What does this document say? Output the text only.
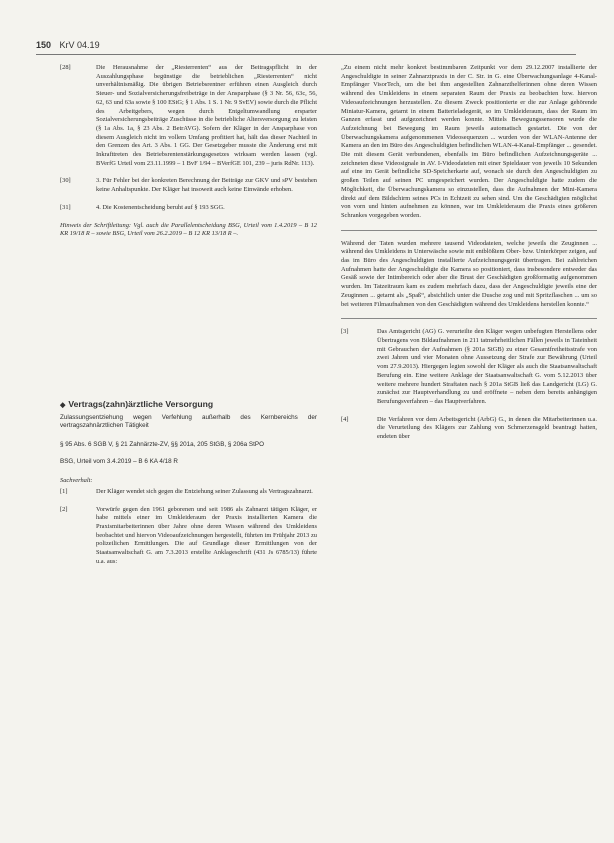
150 KrV 04.19
[28]	Die Herausnahme der „Riesterrenten“ aus der Beitragspflicht in der Auszahlungsphase begünstige die betrieblichen „Riesterrenten“ nicht unverhältnismäßig. Die übrigen Betriebsrentner erführen einen Ausgleich durch Steuer- und Sozialversicherungsfreibeträge in der Ansparphase (§ 3 Nr. 56, 63c, 56, 62, 63 und 63a sowie § 100 EStG; § 1 Abs. 1 S. 1 Nr. 9 SvEV) sowie durch die Pflicht des Arbeitgebers, wegen durch Entgeltumwandlung ersparter Sozialversicherungsbeiträge Zuschüsse in die betriebliche Altersversorgung zu leisten (§ 1a Abs. 1a, § 23 Abs. 2 BetrAVG). Sofern der Kläger in der Ansparphase von diesem Ausgleich nicht im vollem Umfang profitiert hat, hält das dieser Nachteil in den Grenzen des Art. 3 Abs. 1 GG. Der Gesetzgeber musste die Änderung erst mit Inkrafttreten des Betriebsrentenstärkungsgesetzes wirksam werden lassen (vgl. BVerfG Urteil vom 23.11.1999 – 1 BvF 1/94 – BVerfGE 101, 239 – juris RdNr. 113).
[30]	3. Für Fehler bei der konkreten Berechnung der Beiträge zur GKV und sPV bestehen keine Anhaltspunkte. Der Kläger hat insoweit auch keine Einwände erhoben.
[31]	4. Die Kostenentscheidung beruht auf § 193 SGG.
Hinweis der Schriftleitung: Vgl. auch die Parallelentscheidung BSG, Urteil vom 1.4.2019 – B 12 KR 19/18 R – sowie BSG, Urteil vom 26.2.2019 – B 12 KR 13/18 R –.
◆ Vertrags(zahn)ärztliche Versorgung
Zulassungsentziehung wegen Verfehlung außerhalb des Kernbereichs der vertragszahnärztlichen Tätigkeit
§ 95 Abs. 6 SGB V, § 21 Zahnärzte-ZV, §§ 201a, 205 StGB, § 206a StPO
BSG, Urteil vom 3.4.2019 – B 6 KA 4/18 R
Sachverhalt:
[1]	Der Kläger wendet sich gegen die Entziehung seiner Zulassung als Vertragszahnarzt.
[2]	Vorwürfe gegen den 1961 geborenen und seit 1986 als Zahnarzt tätigen Kläger, er habe mittels einer im Umkleideraum der Praxis installierten Kamera die Praxismitarbeiterinnen über Jahre ohne deren Wissen während des Umkleidens beobachtet und hiervon Videoaufzeichnungen hergestellt, führten im Frühjahr 2013 zu polizeilichen Ermittlungen. Die auf Grundlage dieser Ermittlungen von der Staatsanwaltschaft G. am 7.3.2013 erstellte Anklageschrift (431 Js 6785/13) führte u.a. aus:
„Zu einem nicht mehr konkret bestimmbaren Zeitpunkt vor dem 29.12.2007 installierte der Angeschuldigte in seiner Zahnarztpraxis in der C. Str. in G. eine Überwachungsanlage 4-Kanal-Empfänger VisorTech, um die bei ihm angestellten Zahnarzthelferinnen ohne deren Wissen während des Umkleidens in einem separaten Raum der Praxis zu beobachten bzw. hiervon Videoaufzeichnungen herzustellen. Zu diesem Zweck positionierte er die zur Anlage gehörende Miniatur-Kamera, getarnt in einem Batterieladegerät, so im Umkleideraum, dass der Raum im Ganzen erfasst und aufgezeichnet werden konnte. Mittels Bewegungssensoren wurde die Aufzeichnung bei Bewegung im Raum jeweils automatisch gestartet. Die von der Überwachungskamera aufgenommenen Videosequenzen ... wurden von der WLAN-Antenne der Kamera an den im Büro des Angeschuldigten befindlichen WLAN-4-Kanal-Empfänger ... gesendet. Die mit diesem Gerät verbundenen, ebenfalls im Büro befindlichen Aufzeichnungsgeräte ... zeichneten diese Videosignale in AV. I-Videodateien mit einer Spieldauer von jeweils 10 Sekunden auf eine im Gerät befindliche SD-Speicherkarte auf, wonach sie durch den Angeschuldigten zu großen Teilen auf seinen PC umgespeichert wurden. Der Angeschuldigte hatte zudem die Möglichkeit, die Überwachungskamera so einzustellen, dass die Aufnahmen der Mini-Kamera direkt auf dem Bildschirm seines PCs in Echtzeit zu sehen sind. Um die Geschädigten möglichst von vorn und hinten aufnehmen zu können, war im Umkleideraum die Praxis eines größeren Schrankes vorgegeben worden.
Während der Taten wurden mehrere tausend Videodateien, welche jeweils die Zeuginnen ... während des Umkleidens in Unterwäsche sowie mit entblößtem Ober- bzw. Unterkörper zeigen, auf das im Büro des Angeschuldigten installierte Aufzeichnungsgerät übertragen. Bei zahlreichen Aufnahmen hatte der Angeschuldigte die Kamera so positioniert, dass insbesondere entweder das Gesäß sowie der Intimbereich oder aber die Brust der Geschädigten großformatig aufgenommen wurden. Im Tatzeitraum kam es zudem mehrfach dazu, dass der Angeschuldigte jeweils eine der Zeuginnen ... getarnt als „Spaß“, absichtlich unter die Dusche zog und mit Spritzflaschen ... um so bei weiteren Filmaufnahmen von den Geschädigten während des Umkleidens herstellen konnte.“
[3]	Das Amtsgericht (AG) G. verurteilte den Kläger wegen unbefugten Herstellens oder Übertragens von Bildaufnahmen in 211 tatmehrheitlichen Fällen jeweils in Tateinheit mit Gebrauchen der Aufnahmen (§ 201a StGB) zu einer Gesamtfreiheitsstrafe von zwei Jahren und vier Monaten ohne Aussetzung der Strafe zur Bewährung (Urteil vom 27.9.2013). Hiergegen legten sowohl der Kläger als auch die Staatsanwaltschaft Berufung ein. Eine weitere Anklage der Staatsanwaltschaft G. vom 5.12.2013 über weitere mehrere hundert Straftaten nach § 201a StGB ließ das Landgericht (LG) G. zunächst zur Hauptverhandlung zu und eröffnete – neben dem bereits anhängigen Berufungsverfahren – das Hauptverfahren.
[4]	Die Verfahren vor dem Arbeitsgericht (ArbG) G., in denen die Mitarbeiterinnen u.a. die Verurteilung des Klägers zur Zahlung von Schmerzensgeld beantragt hatten, endeten über
